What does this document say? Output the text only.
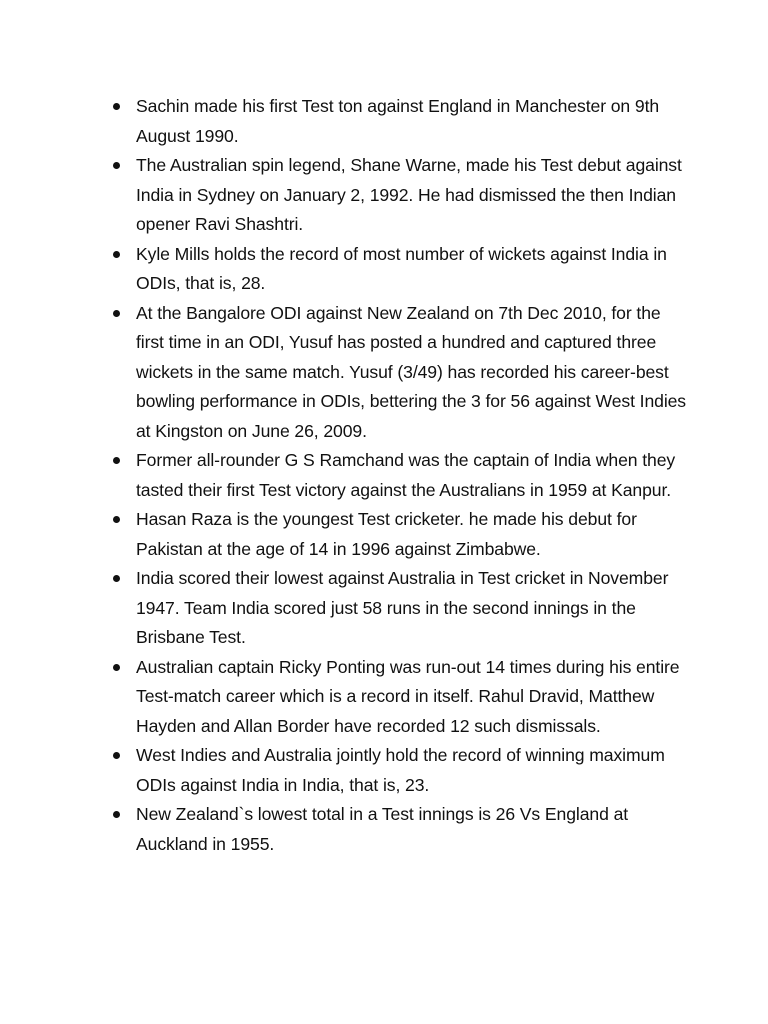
Sachin made his first Test ton against England in Manchester on 9th August 1990.
The Australian spin legend, Shane Warne, made his Test debut against India in Sydney on January 2, 1992. He had dismissed the then Indian opener Ravi Shashtri.
Kyle Mills holds the record of most number of wickets against India in ODIs, that is, 28.
At the Bangalore ODI against New Zealand on 7th Dec 2010, for the first time in an ODI, Yusuf has posted a hundred and captured three wickets in the same match. Yusuf (3/49) has recorded his career-best bowling performance in ODIs, bettering the 3 for 56 against West Indies at Kingston on June 26, 2009.
Former all-rounder G S Ramchand was the captain of India when they tasted their first Test victory against the Australians in 1959 at Kanpur.
Hasan Raza is the youngest Test cricketer. he made his debut for Pakistan at the age of 14 in 1996 against Zimbabwe.
India scored their lowest against Australia in Test cricket in November 1947. Team India scored just 58 runs in the second innings in the Brisbane Test.
Australian captain Ricky Ponting was run-out 14 times during his entire Test-match career which is a record in itself. Rahul Dravid, Matthew Hayden and Allan Border have recorded 12 such dismissals.
West Indies and Australia jointly hold the record of winning maximum ODIs against India in India, that is, 23.
New Zealand`s lowest total in a Test innings is 26 Vs England at Auckland in 1955.
